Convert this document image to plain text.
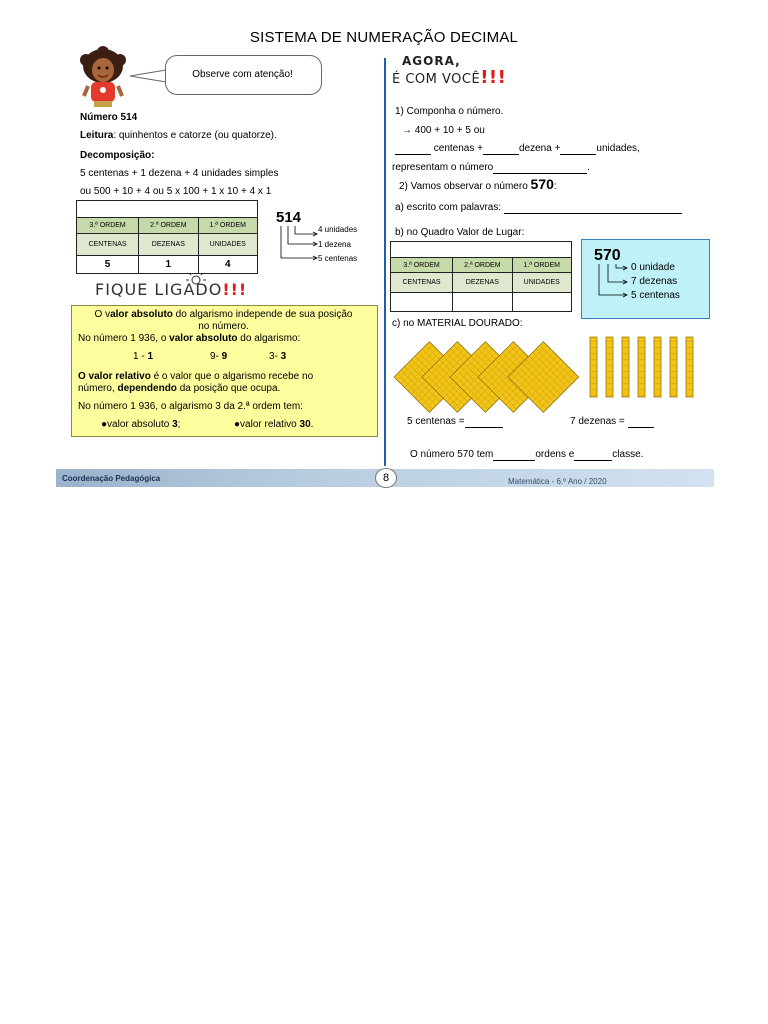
SISTEMA DE NUMERAÇÃO DECIMAL
Observe com atenção!
Número 514
Leitura: quinhentos e catorze (ou quatorze).
Decomposição:
5 centenas + 1 dezena + 4 unidades simples
ou 500 + 10 + 4 ou 5 x 100 + 1 x 10 + 4 x 1

3.ª ORDEM	2.ª ORDEM	1.ª ORDEM
CENTENAS	DEZENAS	UNIDADES
5	1	4
514
4 unidades
1 dezena
5 centenas
FIQUE LIGADO!!!
O valor absoluto do algarismo independe de sua posição
no número.
No número 1 936, o valor absoluto do algarismo:
1 - 1	9- 9	3- 3
O valor relativo é o valor que o algarismo recebe no
número, dependendo da posição que ocupa.
No número 1 936, o algarismo 3 da 2.ª ordem tem:
●valor absoluto 3;	●valor relativo 30.
AGORA,
É COM VOCÊ!!!
1) Componha o número.
→ 400 + 10 + 5 ou
centenas +	dezena +	unidades,
representam o número	.
2) Vamos observar o número 570:
a) escrito com palavras:
b) no Quadro Valor de Lugar:

3.ª ORDEM	2.ª ORDEM	1.ª ORDEM
CENTENAS	DEZENAS	UNIDADES

570
0 unidade
7 dezenas
5 centenas
c) no MATERIAL DOURADO:
5 centenas =	7 dezenas =
O número 570 tem	ordens e	classe.
Coordenação Pedagógica	8	Matemática - 6.º Ano / 2020
